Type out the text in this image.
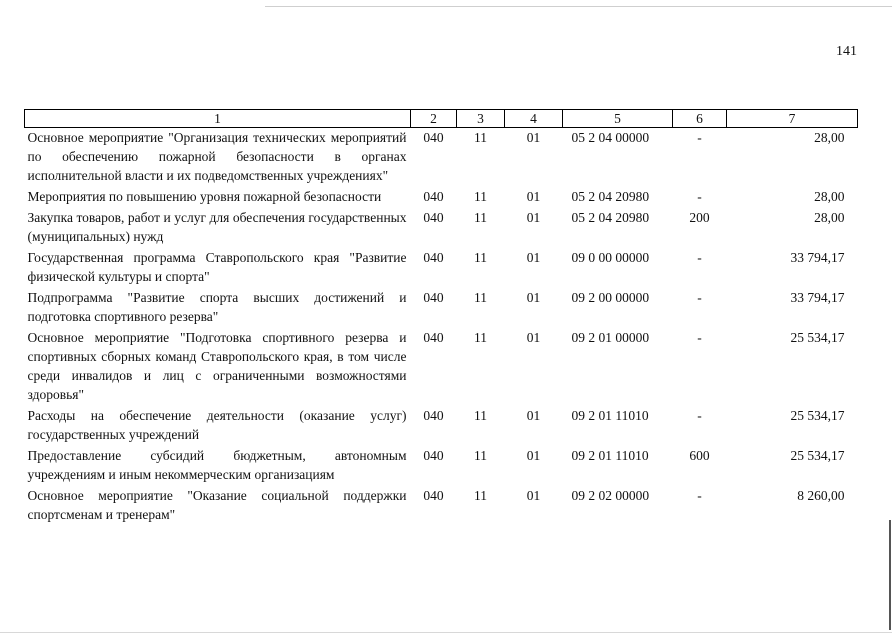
141
1	2	3	4	5	6	7
Основное мероприятие "Организация технических мероприятий по обеспечению пожарной безопасности в органах исполнительной власти и их подведомственных учреждениях"	040	11	01	05 2 04 00000	-	28,00
Мероприятия по повышению уровня пожарной безопасности	040	11	01	05 2 04 20980	-	28,00
Закупка товаров, работ и услуг для обеспечения государственных (муниципальных) нужд	040	11	01	05 2 04 20980	200	28,00
Государственная программа Ставропольского края "Развитие физической культуры и спорта"	040	11	01	09 0 00 00000	-	33 794,17
Подпрограмма "Развитие спорта высших достижений и подготовка спортивного резерва"	040	11	01	09 2 00 00000	-	33 794,17
Основное мероприятие "Подготовка спортивного резерва и спортивных сборных команд Ставропольского края, в том числе среди инвалидов и лиц с ограниченными возможностями здоровья"	040	11	01	09 2 01 00000	-	25 534,17
Расходы на обеспечение деятельности (оказание услуг) государственных учреждений	040	11	01	09 2 01 11010	-	25 534,17
Предоставление субсидий бюджетным, автономным учреждениям и иным некоммерческим организациям	040	11	01	09 2 01 11010	600	25 534,17
Основное мероприятие "Оказание социальной поддержки спортсменам и тренерам"	040	11	01	09 2 02 00000	-	8 260,00
